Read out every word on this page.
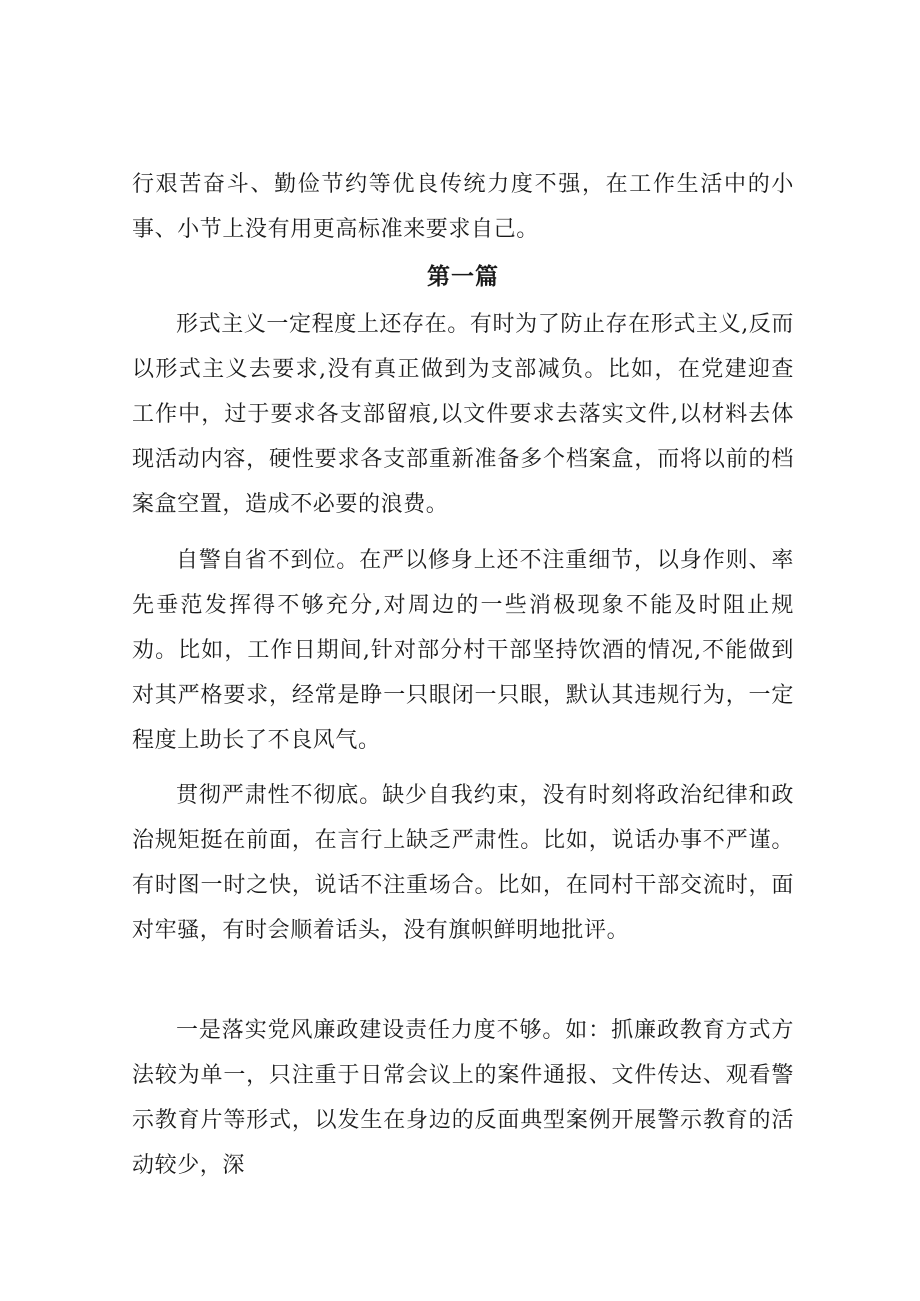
行艰苦奋斗、勤俭节约等优良传统力度不强，在工作生活中的小事、小节上没有用更高标准来要求自己。

第一篇

形式主义一定程度上还存在。有时为了防止存在形式主义,反而以形式主义去要求,没有真正做到为支部减负。比如，在党建迎查工作中，过于要求各支部留痕,以文件要求去落实文件,以材料去体现活动内容，硬性要求各支部重新准备多个档案盒，而将以前的档案盒空置，造成不必要的浪费。

自警自省不到位。在严以修身上还不注重细节，以身作则、率先垂范发挥得不够充分,对周边的一些消极现象不能及时阻止规劝。比如，工作日期间,针对部分村干部坚持饮酒的情况,不能做到对其严格要求，经常是睁一只眼闭一只眼，默认其违规行为，一定程度上助长了不良风气。

贯彻严肃性不彻底。缺少自我约束，没有时刻将政治纪律和政治规矩挺在前面，在言行上缺乏严肃性。比如，说话办事不严谨。有时图一时之快，说话不注重场合。比如，在同村干部交流时，面对牢骚，有时会顺着话头，没有旗帜鲜明地批评。

一是落实党风廉政建设责任力度不够。如：抓廉政教育方式方法较为单一，只注重于日常会议上的案件通报、文件传达、观看警示教育片等形式，以发生在身边的反面典型案例开展警示教育的活动较少，深
